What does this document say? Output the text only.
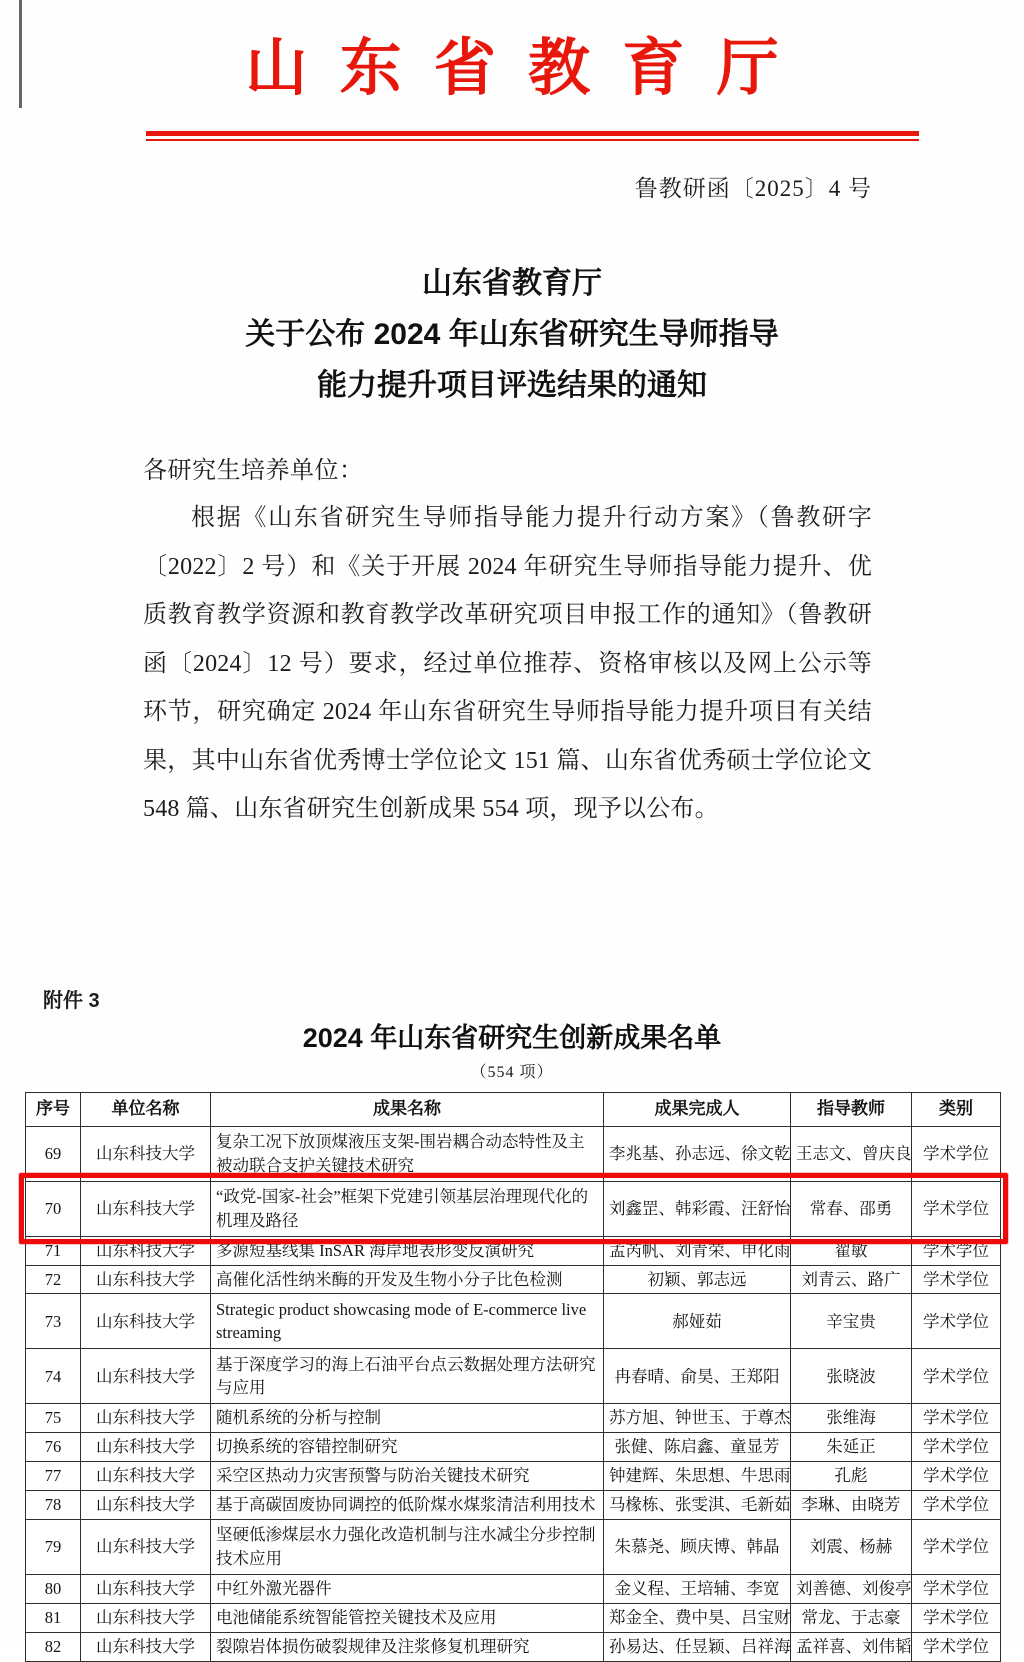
山东省教育厅
鲁教研函〔2025〕4 号
山东省教育厅
关于公布 2024 年山东省研究生导师指导
能力提升项目评选结果的通知
各研究生培养单位：

根据《山东省研究生导师指导能力提升行动方案》（鲁教研字〔2022〕2 号）和《关于开展 2024 年研究生导师指导能力提升、优质教育教学资源和教育教学改革研究项目申报工作的通知》（鲁教研函〔2024〕12 号）要求，经过单位推荐、资格审核以及网上公示等环节，研究确定 2024 年山东省研究生导师指导能力提升项目有关结果，其中山东省优秀博士学位论文 151 篇、山东省优秀硕士学位论文 548 篇、山东省研究生创新成果 554 项，现予以公布。

附件 3
2024 年山东省研究生创新成果名单
（554 项）
序号	单位名称	成果名称	成果完成人	指导教师	类别
69	山东科技大学	复杂工况下放顶煤液压支架-围岩耦合动态特性及主被动联合支护关键技术研究	李兆基、孙志远、徐文乾	王志文、曾庆良	学术学位
70	山东科技大学	“政党-国家-社会”框架下党建引领基层治理现代化的机理及路径	刘鑫罡、韩彩霞、汪舒怡	常春、邵勇	学术学位
71	山东科技大学	多源短基线集 InSAR 海岸地表形变反演研究	孟芮帆、刘青荣、申化雨	翟敏	学术学位
72	山东科技大学	高催化活性纳米酶的开发及生物小分子比色检测	初颖、郭志远	刘青云、路广	学术学位
73	山东科技大学	Strategic product showcasing mode of E-commerce live streaming	郝娅茹	辛宝贵	学术学位
74	山东科技大学	基于深度学习的海上石油平台点云数据处理方法研究与应用	冉春晴、俞昊、王郑阳	张晓波	学术学位
75	山东科技大学	随机系统的分析与控制	苏方旭、钟世玉、于尊杰	张维海	学术学位
76	山东科技大学	切换系统的容错控制研究	张健、陈启鑫、童显芳	朱延正	学术学位
77	山东科技大学	采空区热动力灾害预警与防治关键技术研究	钟建辉、朱思想、牛思雨	孔彪	学术学位
78	山东科技大学	基于高碳固废协同调控的低阶煤水煤浆清洁利用技术	马椽栋、张雯淇、毛新茹	李琳、由晓芳	学术学位
79	山东科技大学	坚硬低渗煤层水力强化改造机制与注水减尘分步控制技术应用	朱慕尧、顾庆博、韩晶	刘震、杨赫	学术学位
80	山东科技大学	中红外激光器件	金义程、王培辅、李宽	刘善德、刘俊亭	学术学位
81	山东科技大学	电池储能系统智能管控关键技术及应用	郑金全、费中昊、吕宝财	常龙、于志豪	学术学位
82	山东科技大学	裂隙岩体损伤破裂规律及注浆修复机理研究	孙易达、任昱颖、吕祥海	孟祥喜、刘伟韬	学术学位
